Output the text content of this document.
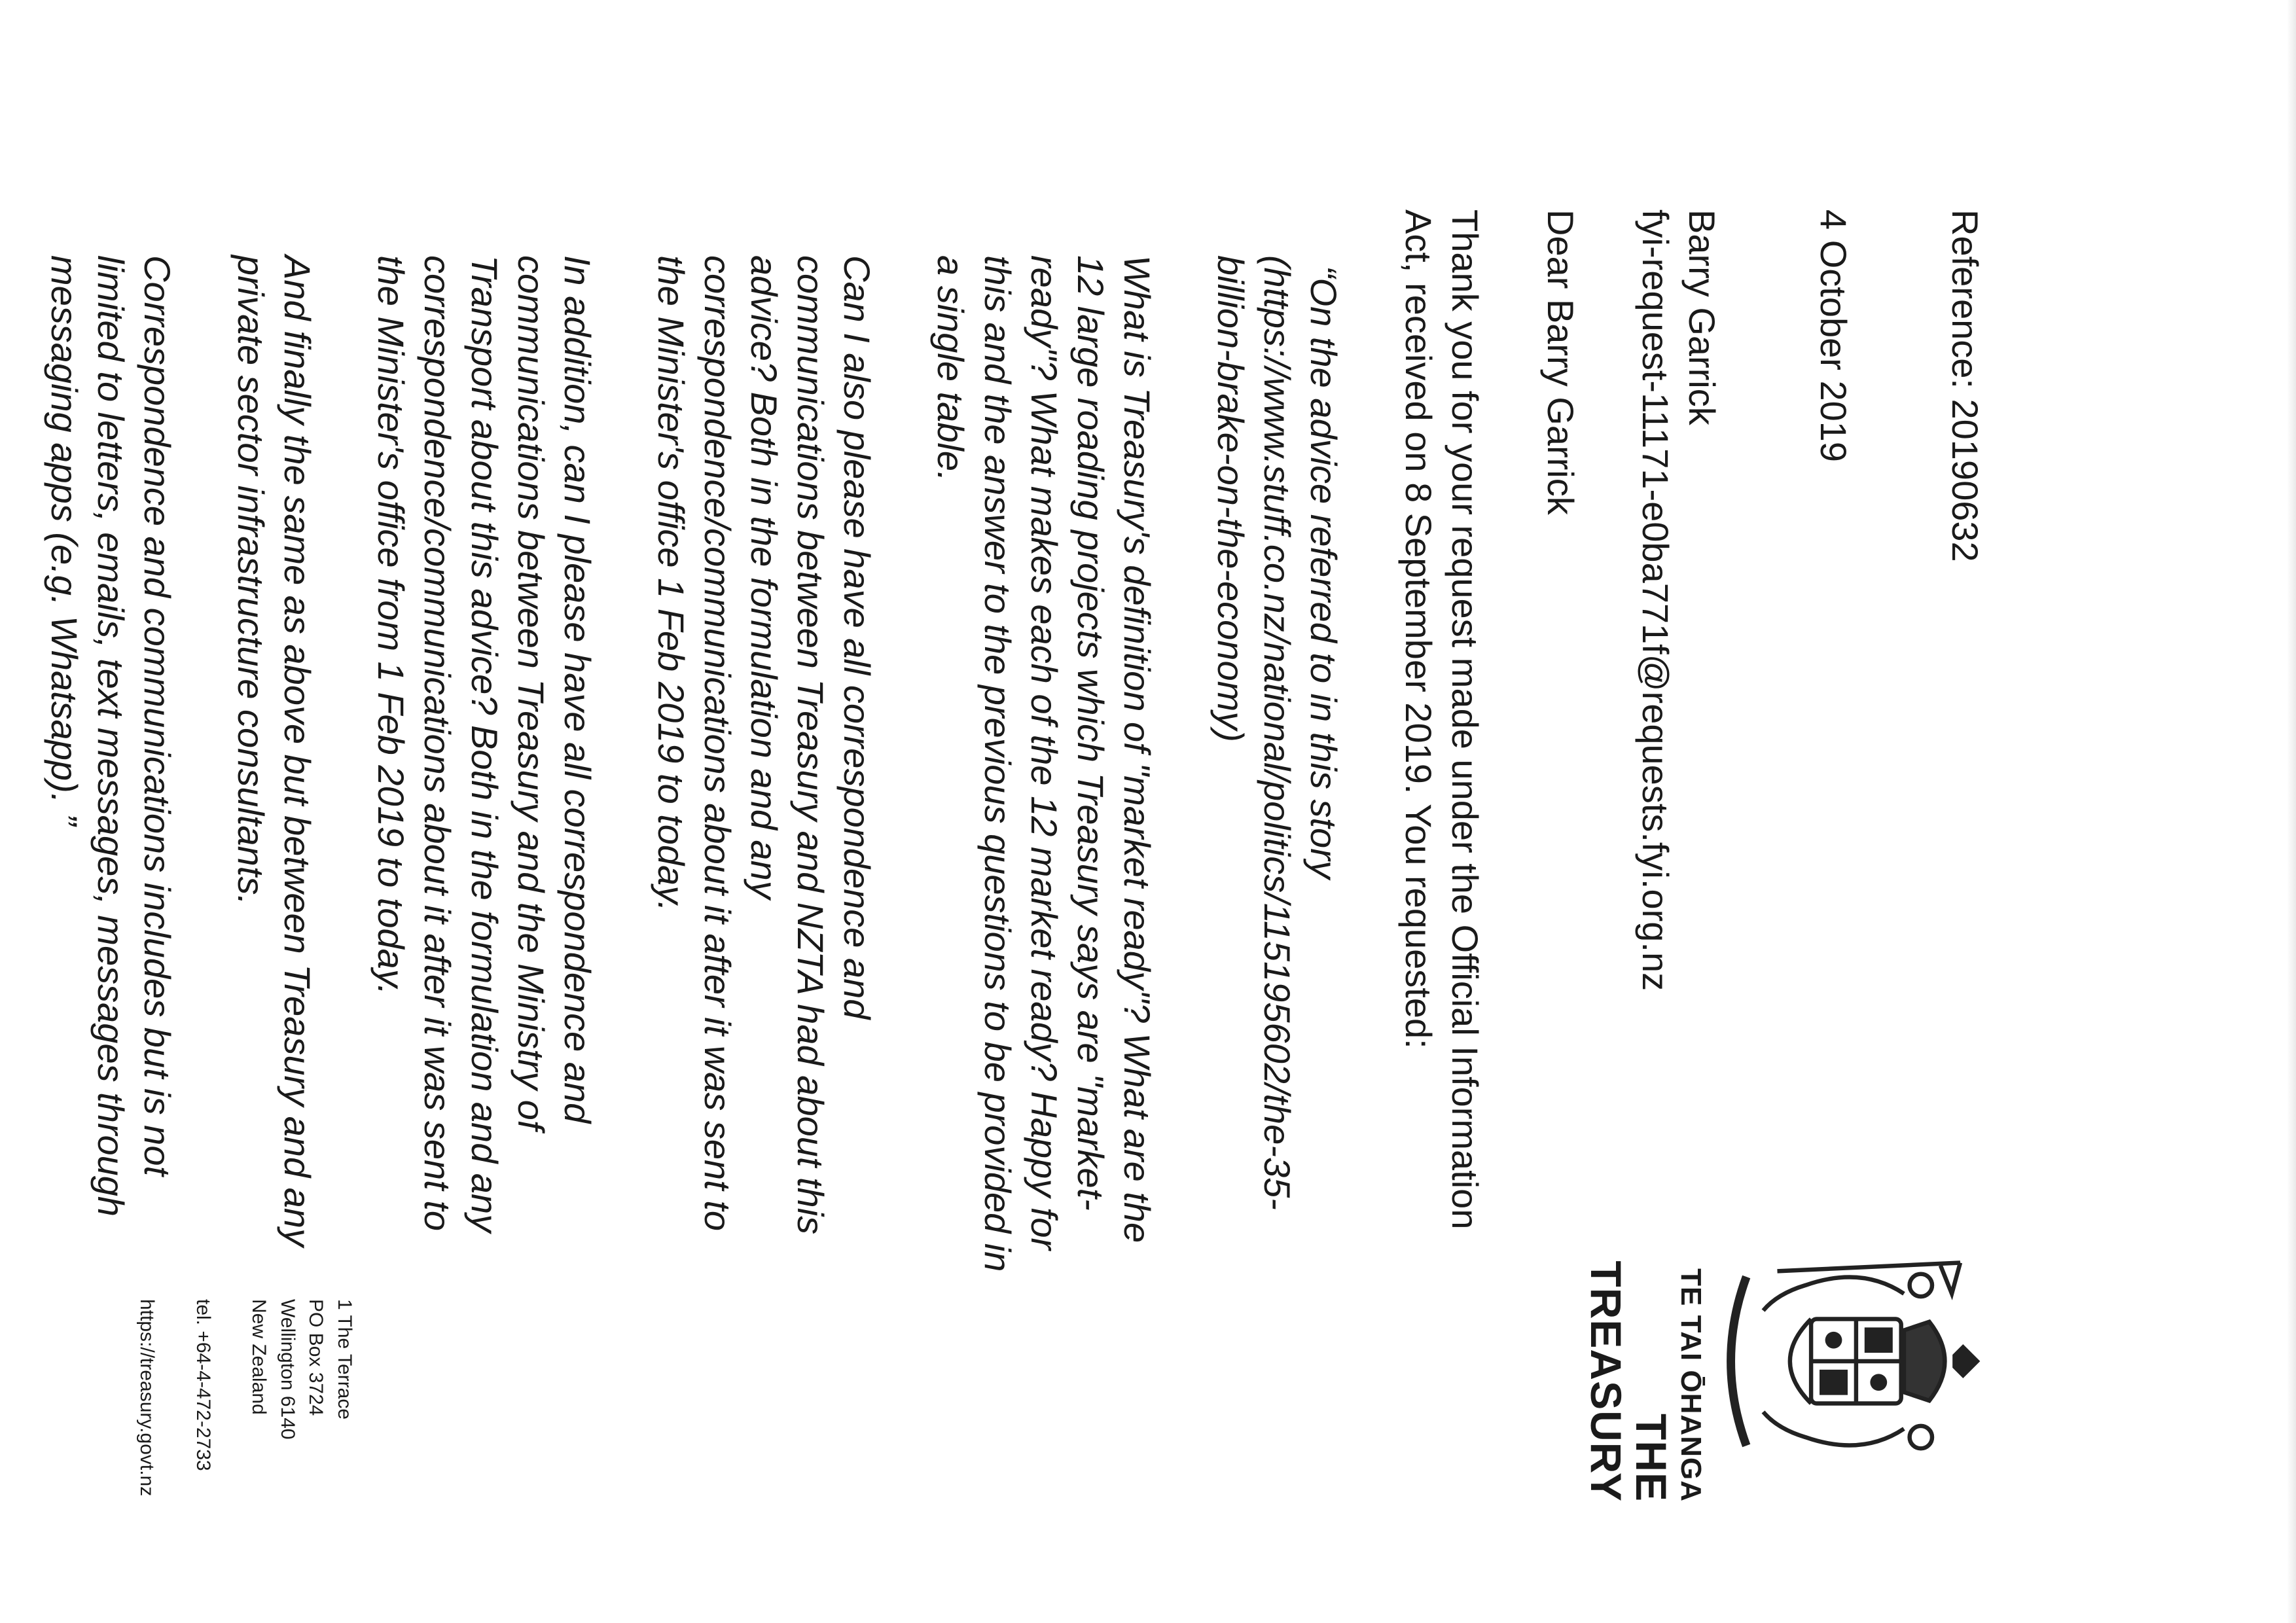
TE TAI ŌHANGA
THE TREASURY

Reference: 20190632

4 October 2019

Barry Garrick

fyi-request-11171-e0ba771f@requests.fyi.org.nz

Dear Barry Garrick

Thank you for your request made under the Official Information Act, received on 8 September 2019. You requested:

“On the advice referred to in this story (https://www.stuff.co.nz/national/politics/115195602/the-35-billion-brake-on-the-economy)

What is Treasury's definition of "market ready"? What are the 12 large roading projects which Treasury says are "market-ready"? What makes each of the 12 market ready? Happy for this and the answer to the previous questions to be provided in a single table.

Can I also please have all correspondence and communications between Treasury and NZTA had about this advice? Both in the formulation and any correspondence/communications about it after it was sent to the Minister's office 1 Feb 2019 to today.

In addition, can I please have all correspondence and communications between Treasury and the Ministry of Transport about this advice? Both in the formulation and any correspondence/communications about it after it was sent to the Minister's office from 1 Feb 2019 to today.

And finally the same as above but between Treasury and any private sector infrastructure consultants.

Correspondence and communications includes but is not limited to letters, emails, text messages, messages through messaging apps (e.g. Whatsapp). ”

1 The Terrace
PO Box 3724
Wellington 6140
New Zealand
tel. +64-4-472-2733
https://treasury.govt.nz
